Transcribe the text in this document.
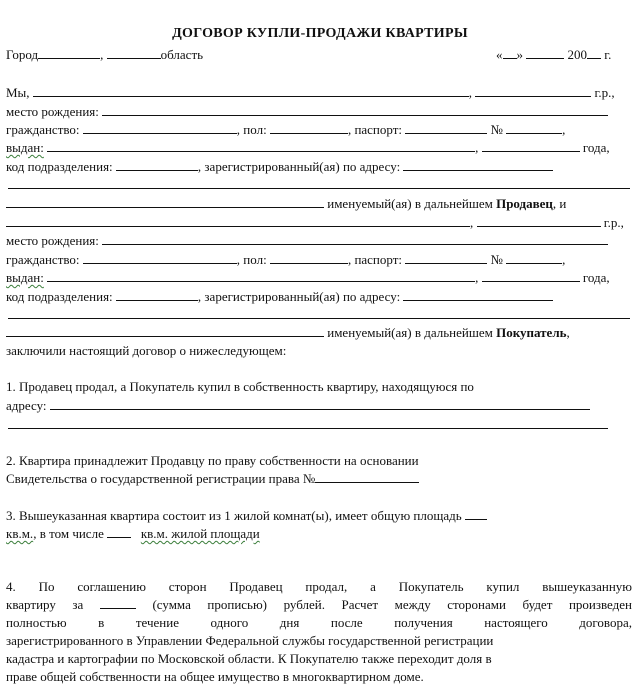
ДОГОВОР КУПЛИ-ПРОДАЖИ КВАРТИРЫ
Город	,	область	« »	200 г.
Мы,	,	г.р.,
место рождения:
гражданство:	, пол:	, паспорт:	№	,
выдан:	,	года,
код подразделения:	, зарегистрированный(ая) по адресу:
именуемый(ая) в дальнейшем Продавец, и
,	г.р.,
место рождения:
гражданство:	, пол:	, паспорт:	№	,
выдан:	,	года,
код подразделения:	, зарегистрированный(ая) по адресу:
именуемый(ая) в дальнейшем Покупатель,
заключили настоящий договор о нижеследующем:
1. Продавец продал, а Покупатель купил в собственность квартиру, находящуюся по
адресу:
2. Квартира принадлежит Продавцу по праву собственности на основании
Свидетельства о государственной регистрации права №
3. Вышеуказанная квартира состоит из 1 жилой комнат(ы), имеет общую площадь
кв.м., в том числе	кв.м. жилой площади
4. По соглашению сторон Продавец продал, а Покупатель купил вышеуказанную
квартиру за	(сумма прописью) рублей. Расчет между сторонами будет произведен
полностью в течение одного дня после получения настоящего договора,
зарегистрированного в Управлении Федеральной службы государственной регистрации
кадастра и картографии по Московской области. К Покупателю также переходит доля в
праве общей собственности на общее имущество в многоквартирном доме.
